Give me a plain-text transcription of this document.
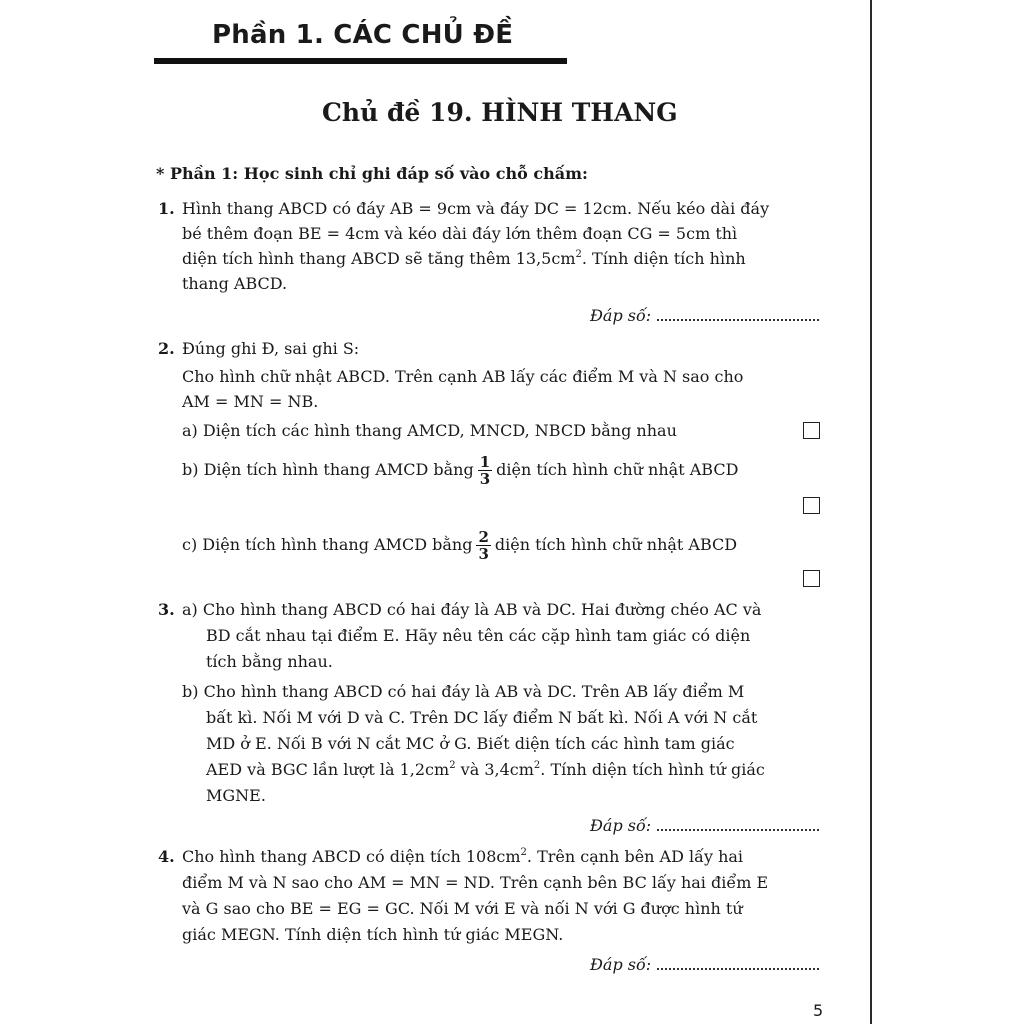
Phần 1. CÁC CHỦ ĐỀ
Chủ đề 19. HÌNH THANG
* Phần 1: Học sinh chỉ ghi đáp số vào chỗ chấm:
1. Hình thang ABCD có đáy AB = 9cm và đáy DC = 12cm. Nếu kéo dài đáy
bé thêm đoạn BE = 4cm và kéo dài đáy lớn thêm đoạn CG = 5cm thì
diện tích hình thang ABCD sẽ tăng thêm $13,5cm^2$. Tính diện tích hình
thang ABCD.
Đáp số:
2. Đúng ghi Đ, sai ghi S:
Cho hình chữ nhật ABCD. Trên cạnh AB lấy các điểm M và N sao cho
AM = MN = NB.
a) Diện tích các hình thang AMCD, MNCD, NBCD bằng nhau
b) Diện tích hình thang AMCD bằng $\frac{1}{3}$ diện tích hình chữ nhật ABCD
c) Diện tích hình thang AMCD bằng $\frac{2}{3}$ diện tích hình chữ nhật ABCD
3. a) Cho hình thang ABCD có hai đáy là AB và DC. Hai đường chéo AC và
BD cắt nhau tại điểm E. Hãy nêu tên các cặp hình tam giác có diện
tích bằng nhau.
b) Cho hình thang ABCD có hai đáy là AB và DC. Trên AB lấy điểm M
bất kì. Nối M với D và C. Trên DC lấy điểm N bất kì. Nối A với N cắt
MD ở E. Nối B với N cắt MC ở G. Biết diện tích các hình tam giác
AED và BGC lần lượt là $1,2cm^2$ và $3,4cm^2$. Tính diện tích hình tứ giác
MGNE.
Đáp số:
4. Cho hình thang ABCD có diện tích $108cm^2$. Trên cạnh bên AD lấy hai
điểm M và N sao cho AM = MN = ND. Trên cạnh bên BC lấy hai điểm E
và G sao cho BE = EG = GC. Nối M với E và nối N với G được hình tứ
giác MEGN. Tính diện tích hình tứ giác MEGN.
Đáp số:
5
